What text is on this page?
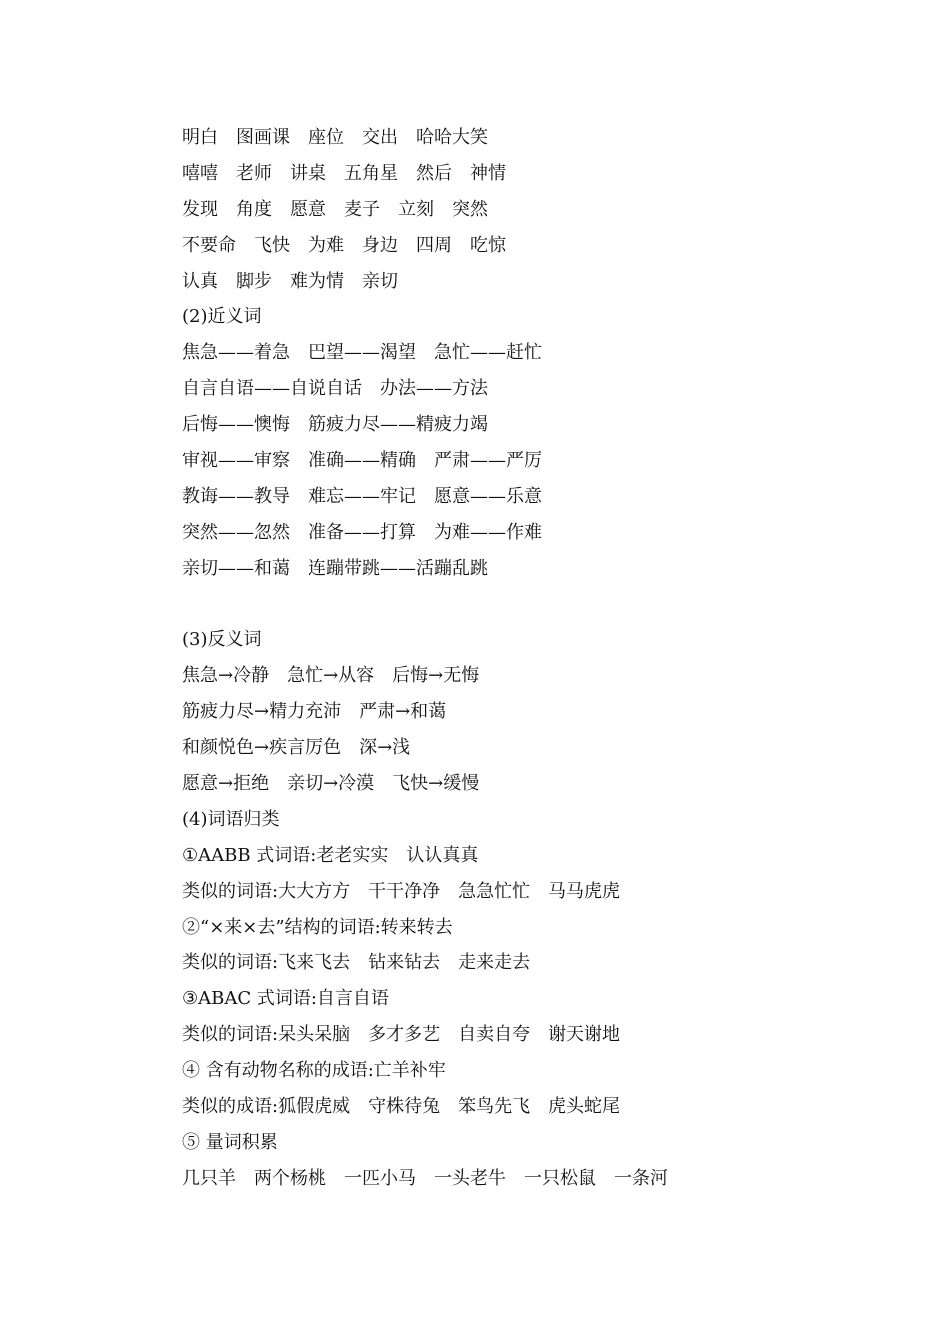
明白　图画课　座位　交出　哈哈大笑
嘻嘻　老师　讲桌　五角星　然后　神情
发现　角度　愿意　麦子　立刻　突然
不要命　飞快　为难　身边　四周　吃惊
认真　脚步　难为情　亲切
(2)近义词
焦急——着急　巴望——渴望　急忙——赶忙
自言自语——自说自话　办法——方法
后悔——懊悔　筋疲力尽——精疲力竭
审视——审察　准确——精确　严肃——严厉
教诲——教导　难忘——牢记　愿意——乐意
突然——忽然　准备——打算　为难——作难
亲切——和蔼　连蹦带跳——活蹦乱跳
(3)反义词
焦急→冷静　急忙→从容　后悔→无悔
筋疲力尽→精力充沛　严肃→和蔼
和颜悦色→疾言厉色　深→浅
愿意→拒绝　亲切→冷漠　飞快→缓慢
(4)词语归类
①AABB 式词语:老老实实　认认真真
类似的词语:大大方方　干干净净　急急忙忙　马马虎虎
②“×来×去”结构的词语:转来转去
类似的词语:飞来飞去　钻来钻去　走来走去
③ABAC 式词语:自言自语
类似的词语:呆头呆脑　多才多艺　自卖自夸　谢天谢地
④ 含有动物名称的成语:亡羊补牢
类似的成语:狐假虎威　守株待兔　笨鸟先飞　虎头蛇尾
⑤ 量词积累
几只羊　两个杨桃　一匹小马　一头老牛　一只松鼠　一条河
